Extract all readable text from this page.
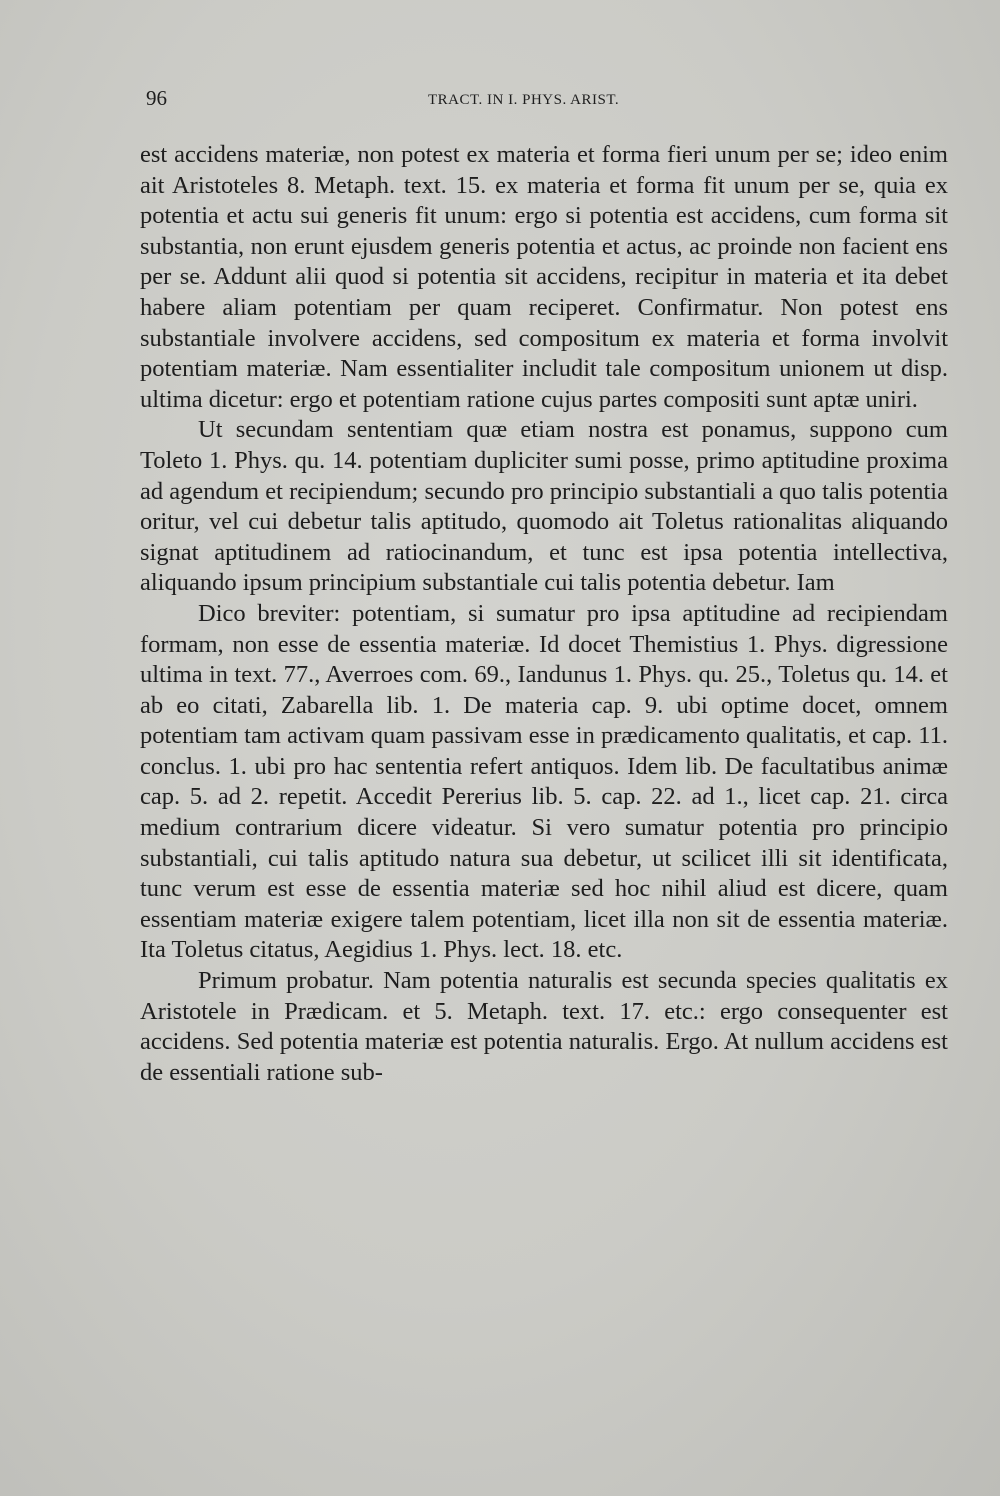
96	TRACT. IN I. PHYS. ARIST.

est accidens materiæ, non potest ex materia et forma fieri unum per se; ideo enim ait Aristoteles 8. Metaph. text. 15. ex materia et forma fit unum per se, quia ex potentia et actu sui generis fit unum: ergo si potentia est accidens, cum forma sit substantia, non erunt ejusdem generis potentia et actus, ac proinde non facient ens per se. Addunt alii quod si potentia sit accidens, recipitur in materia et ita debet habere aliam potentiam per quam reciperet. Confirmatur. Non potest ens substantiale involvere accidens, sed compositum ex materia et forma involvit potentiam materiæ. Nam essentialiter includit tale compositum unionem ut disp. ultima dicetur: ergo et potentiam ratione cujus partes compositi sunt aptæ uniri.

Ut secundam sententiam quæ etiam nostra est ponamus, suppono cum Toleto 1. Phys. qu. 14. potentiam dupliciter sumi posse, primo aptitudine proxima ad agendum et recipiendum; secundo pro principio substantiali a quo talis potentia oritur, vel cui debetur talis aptitudo, quomodo ait Toletus rationalitas aliquando signat aptitudinem ad ratiocinandum, et tunc est ipsa potentia intellectiva, aliquando ipsum principium substantiale cui talis potentia debetur. Iam

Dico breviter: potentiam, si sumatur pro ipsa aptitudine ad recipiendam formam, non esse de essentia materiæ. Id docet Themistius 1. Phys. digressione ultima in text. 77., Averroes com. 69., Iandunus 1. Phys. qu. 25., Toletus qu. 14. et ab eo citati, Zabarella lib. 1. De materia cap. 9. ubi optime docet, omnem potentiam tam activam quam passivam esse in prædicamento qualitatis, et cap. 11. conclus. 1. ubi pro hac sententia refert antiquos. Idem lib. De facultatibus animæ cap. 5. ad 2. repetit. Accedit Pererius lib. 5. cap. 22. ad 1., licet cap. 21. circa medium contrarium dicere videatur. Si vero sumatur potentia pro principio substantiali, cui talis aptitudo natura sua debetur, ut scilicet illi sit identificata, tunc verum est esse de essentia materiæ sed hoc nihil aliud est dicere, quam essentiam materiæ exigere talem potentiam, licet illa non sit de essentia materiæ. Ita Toletus citatus, Aegidius 1. Phys. lect. 18. etc.

Primum probatur. Nam potentia naturalis est secunda species qualitatis ex Aristotele in Prædicam. et 5. Metaph. text. 17. etc.: ergo consequenter est accidens. Sed potentia materiæ est potentia naturalis. Ergo. At nullum accidens est de essentiali ratione sub-
